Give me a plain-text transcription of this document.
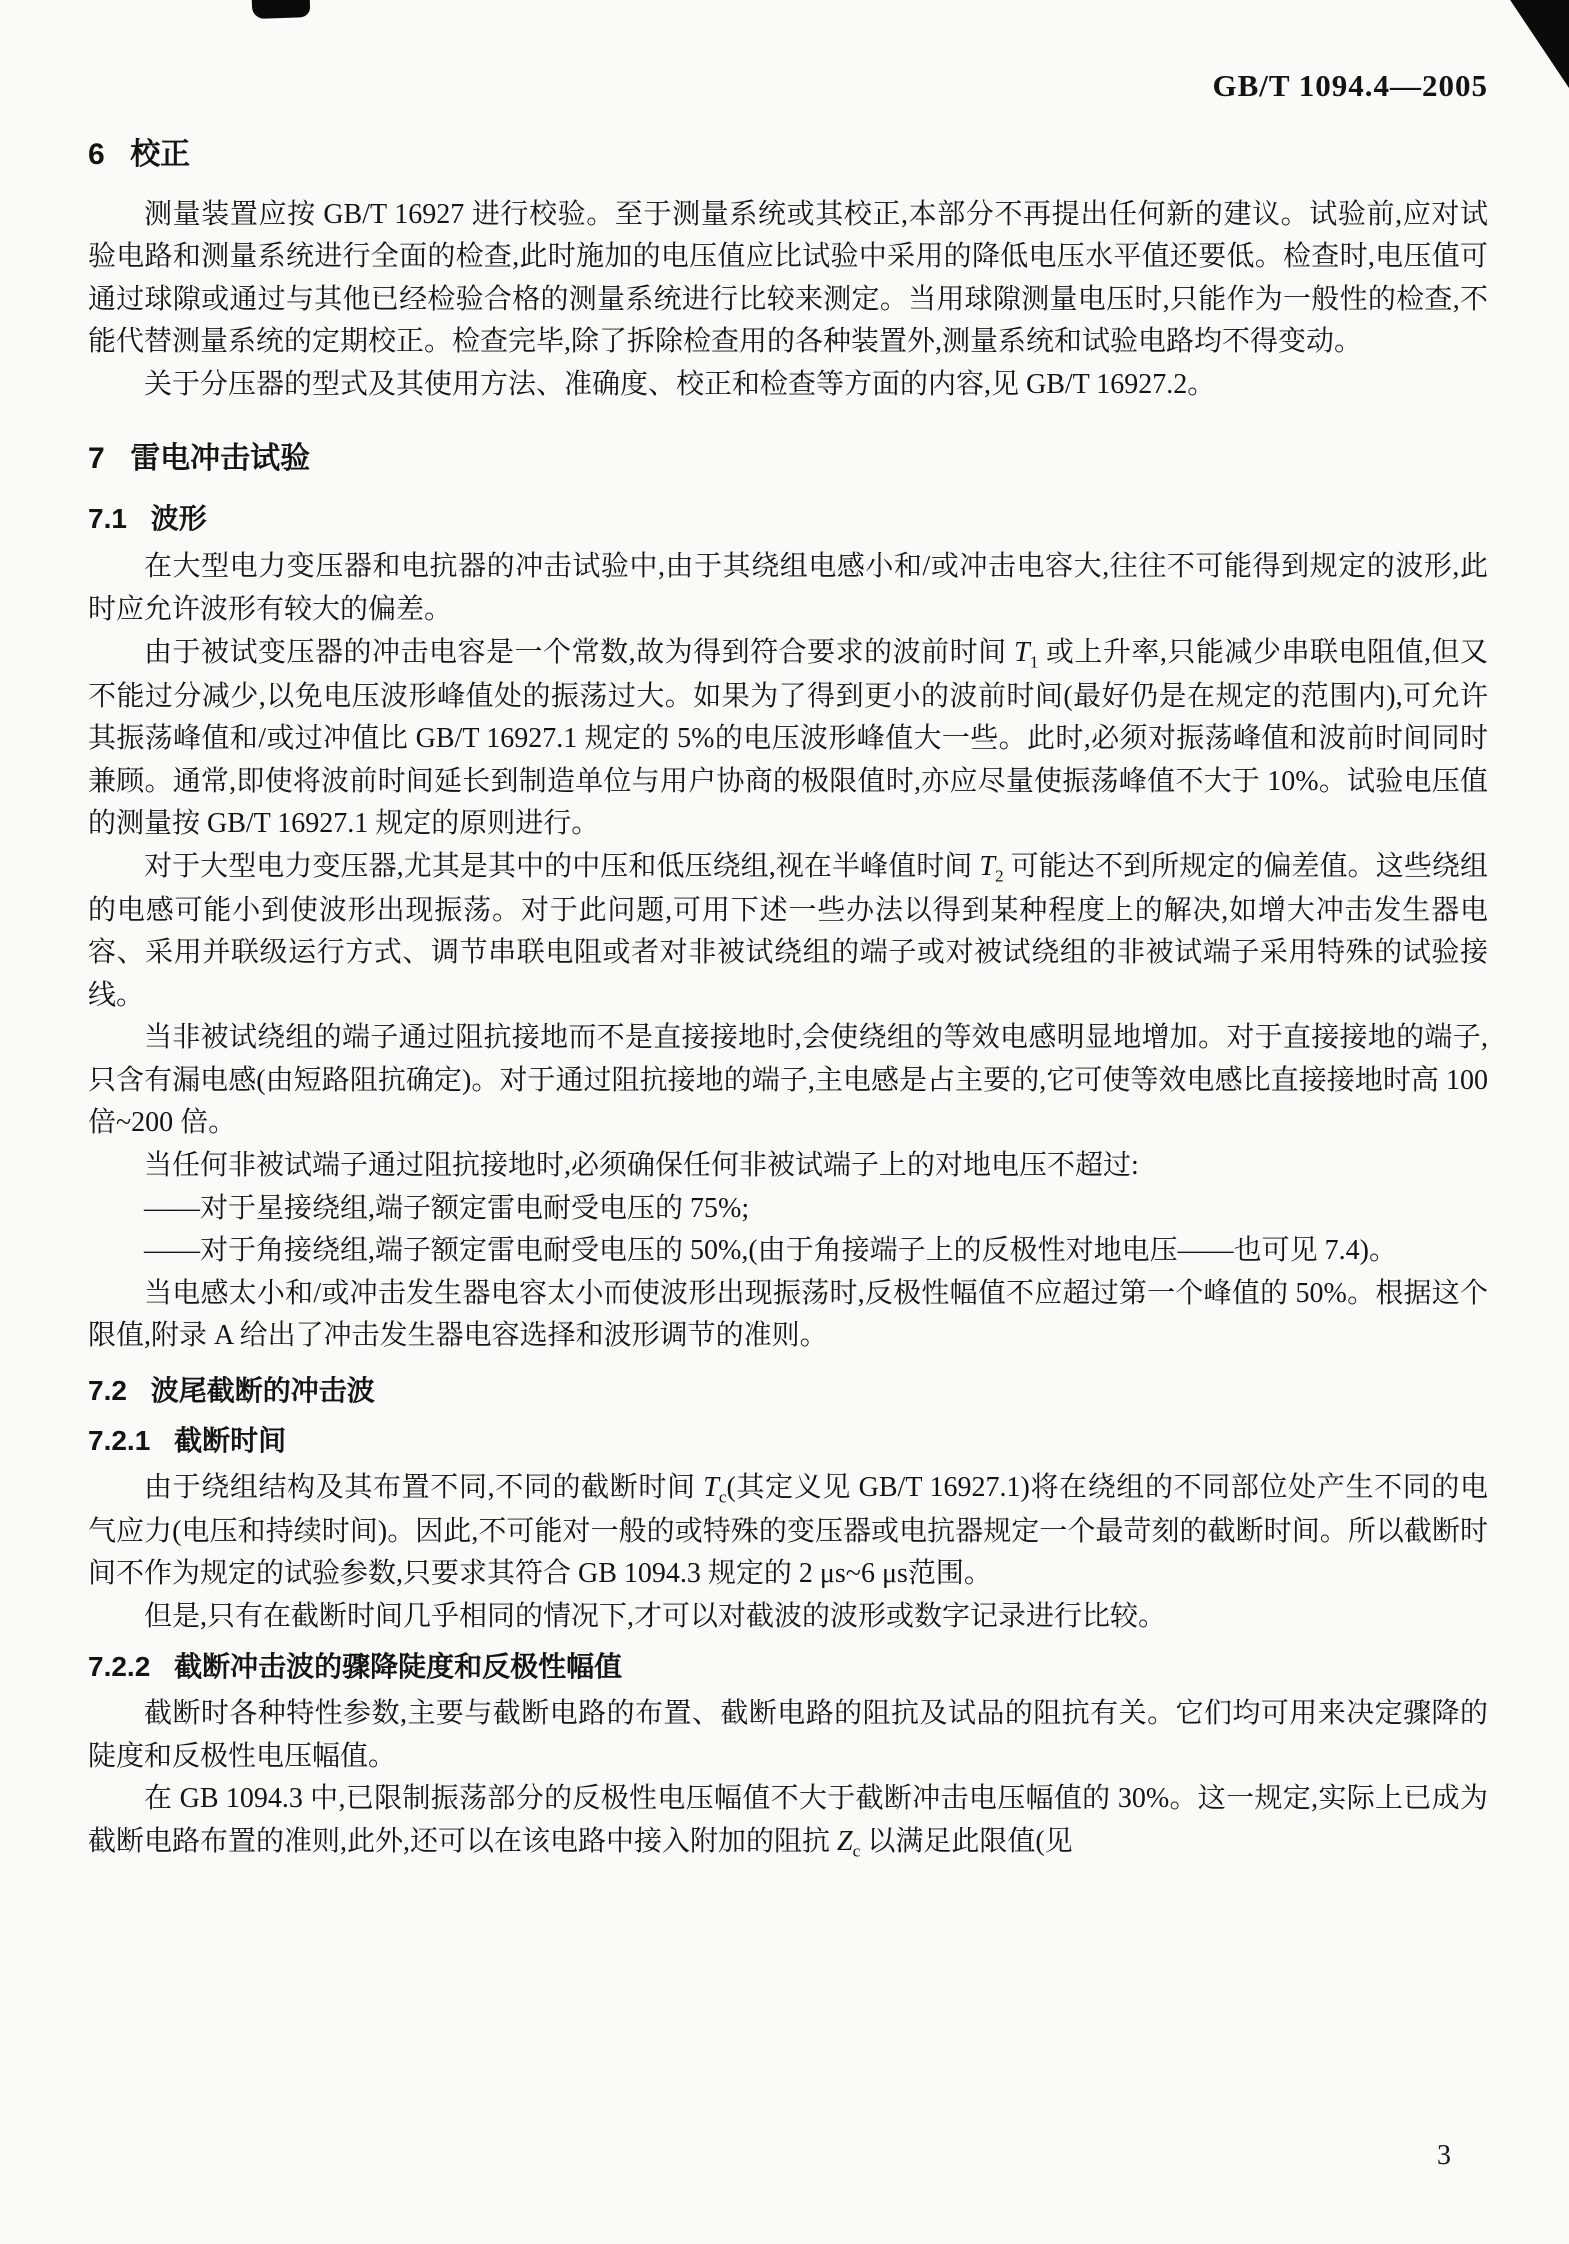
GB/T 1094.4—2005
6 校正

测量装置应按 GB/T 16927 进行校验。至于测量系统或其校正,本部分不再提出任何新的建议。试验前,应对试验电路和测量系统进行全面的检查,此时施加的电压值应比试验中采用的降低电压水平值还要低。检查时,电压值可通过球隙或通过与其他已经检验合格的测量系统进行比较来测定。当用球隙测量电压时,只能作为一般性的检查,不能代替测量系统的定期校正。检查完毕,除了拆除检查用的各种装置外,测量系统和试验电路均不得变动。

关于分压器的型式及其使用方法、准确度、校正和检查等方面的内容,见 GB/T 16927.2。

7 雷电冲击试验
7.1 波形

在大型电力变压器和电抗器的冲击试验中,由于其绕组电感小和/或冲击电容大,往往不可能得到规定的波形,此时应允许波形有较大的偏差。

由于被试变压器的冲击电容是一个常数,故为得到符合要求的波前时间 $T_1$ 或上升率,只能减少串联电阻值,但又不能过分减少,以免电压波形峰值处的振荡过大。如果为了得到更小的波前时间(最好仍是在规定的范围内),可允许其振荡峰值和/或过冲值比 GB/T 16927.1 规定的 5%的电压波形峰值大一些。此时,必须对振荡峰值和波前时间同时兼顾。通常,即使将波前时间延长到制造单位与用户协商的极限值时,亦应尽量使振荡峰值不大于 10%。试验电压值的测量按 GB/T 16927.1 规定的原则进行。

对于大型电力变压器,尤其是其中的中压和低压绕组,视在半峰值时间 $T_2$ 可能达不到所规定的偏差值。这些绕组的电感可能小到使波形出现振荡。对于此问题,可用下述一些办法以得到某种程度上的解决,如增大冲击发生器电容、采用并联级运行方式、调节串联电阻或者对非被试绕组的端子或对被试绕组的非被试端子采用特殊的试验接线。

当非被试绕组的端子通过阻抗接地而不是直接接地时,会使绕组的等效电感明显地增加。对于直接接地的端子,只含有漏电感(由短路阻抗确定)。对于通过阻抗接地的端子,主电感是占主要的,它可使等效电感比直接接地时高 100 倍~200 倍。

当任何非被试端子通过阻抗接地时,必须确保任何非被试端子上的对地电压不超过:

——对于星接绕组,端子额定雷电耐受电压的 75%;

——对于角接绕组,端子额定雷电耐受电压的 50%,(由于角接端子上的反极性对地电压——也可见 7.4)。

当电感太小和/或冲击发生器电容太小而使波形出现振荡时,反极性幅值不应超过第一个峰值的 50%。根据这个限值,附录 A 给出了冲击发生器电容选择和波形调节的准则。

7.2 波尾截断的冲击波
7.2.1 截断时间

由于绕组结构及其布置不同,不同的截断时间 $T_c$(其定义见 GB/T 16927.1)将在绕组的不同部位处产生不同的电气应力(电压和持续时间)。因此,不可能对一般的或特殊的变压器或电抗器规定一个最苛刻的截断时间。所以截断时间不作为规定的试验参数,只要求其符合 GB 1094.3 规定的 2 μs~6 μs范围。

但是,只有在截断时间几乎相同的情况下,才可以对截波的波形或数字记录进行比较。

7.2.2 截断冲击波的骤降陡度和反极性幅值

截断时各种特性参数,主要与截断电路的布置、截断电路的阻抗及试品的阻抗有关。它们均可用来决定骤降的陡度和反极性电压幅值。

在 GB 1094.3 中,已限制振荡部分的反极性电压幅值不大于截断冲击电压幅值的 30%。这一规定,实际上已成为截断电路布置的准则,此外,还可以在该电路中接入附加的阻抗 $Z_c$ 以满足此限值(见

3
